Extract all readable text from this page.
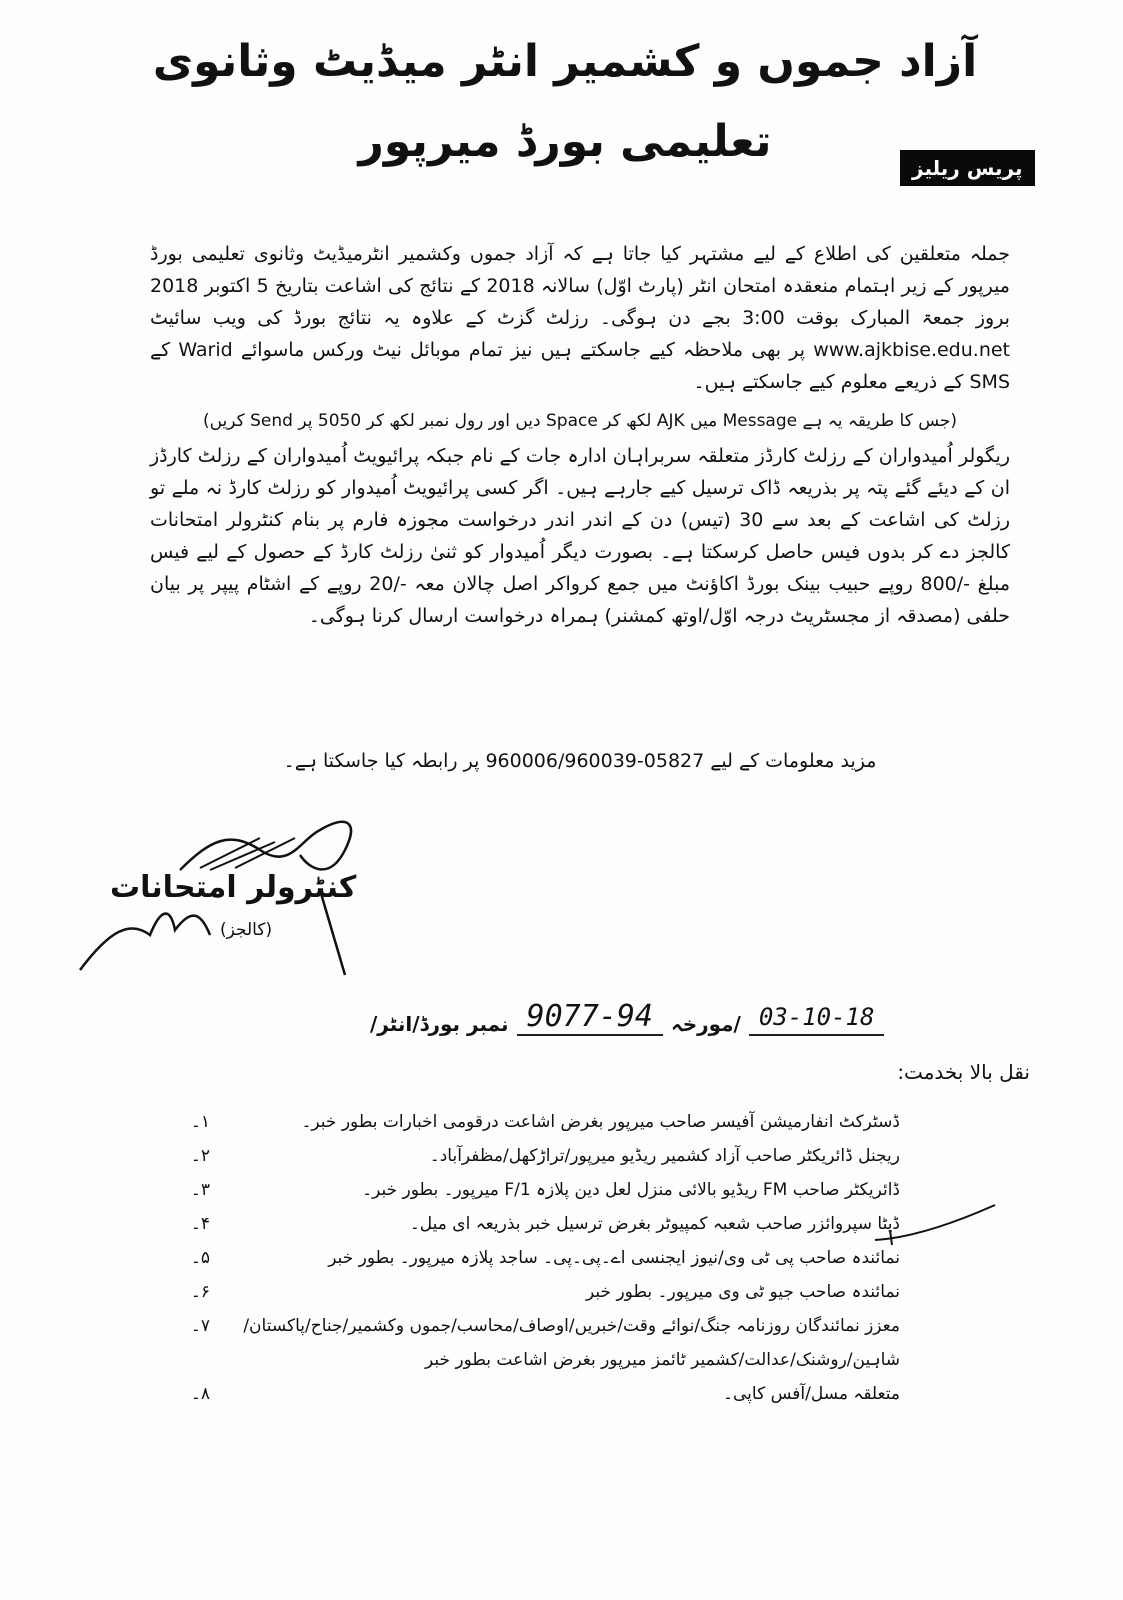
آزاد جموں و کشمیر انٹر میڈیٹ وثانوی تعلیمی بورڈ میرپور
پریس ریلیز
جملہ متعلقین کی اطلاع کے لیے مشتہر کیا جاتا ہے کہ آزاد جموں وکشمیر انٹرمیڈیٹ وثانوی تعلیمی بورڈ میرپور کے زیر اہتمام منعقدہ امتحان انٹر (پارٹ اوّل) سالانہ 2018 کے نتائج کی اشاعت بتاریخ 5 اکتوبر 2018 بروز جمعۃ المبارک بوقت 3:00 بجے دن ہوگی۔ رزلٹ گزٹ کے علاوہ یہ نتائج بورڈ کی ویب سائیٹ www.ajkbise.edu.net پر بھی ملاحظہ کیے جاسکتے ہیں نیز تمام موبائل نیٹ ورکس ماسوائے Warid کے SMS کے ذریعے معلوم کیے جاسکتے ہیں۔
(جس کا طریقہ یہ ہے Message میں AJK لکھ کر Space دیں اور رول نمبر لکھ کر 5050 پر Send کریں)
ریگولر اُمیدواران کے رزلٹ کارڈز متعلقہ سربراہان ادارہ جات کے نام جبکہ پرائیویٹ اُمیدواران کے رزلٹ کارڈز ان کے دیئے گئے پتہ پر بذریعہ ڈاک ترسیل کیے جارہے ہیں۔ اگر کسی پرائیویٹ اُمیدوار کو رزلٹ کارڈ نہ ملے تو رزلٹ کی اشاعت کے بعد سے 30 (تیس) دن کے اندر اندر درخواست مجوزہ فارم پر بنام کنٹرولر امتحانات کالجز دے کر بدوں فیس حاصل کرسکتا ہے۔ بصورت دیگر اُمیدوار کو ثنیٰ رزلٹ کارڈ کے حصول کے لیے فیس مبلغ -/800 روپے حبیب بینک بورڈ اکاؤنٹ میں جمع کرواکر اصل چالان معہ -/20 روپے کے اشٹام پیپر پر بیان حلفی (مصدقہ از مجسٹریٹ درجہ اوّل/اوتھ کمشنر) ہمراہ درخواست ارسال کرنا ہوگی۔
مزید معلومات کے لیے 05827-960006/960039 پر رابطہ کیا جاسکتا ہے۔
کنٹرولر امتحانات
(کالجز)
نمبر بورڈ/انٹر/ 9077-94 /مورخہ 03-10-18
نقل بالا بخدمت:
۱۔	ڈسٹرکٹ انفارمیشن آفیسر صاحب میرپور بغرض اشاعت درقومی اخبارات بطور خبر۔
۲۔	ریجنل ڈائریکٹر صاحب آزاد کشمیر ریڈیو میرپور/تراڑکھل/مظفرآباد۔
۳۔	ڈائریکٹر صاحب FM ریڈیو بالائی منزل لعل دین پلازہ F/1 میرپور۔ بطور خبر۔
۴۔	ڈیٹا سپروائزر صاحب شعبہ کمپیوٹر بغرض ترسیل خبر بذریعہ ای میل۔
۵۔	نمائندہ صاحب پی ٹی وی/نیوز ایجنسی اے۔پی۔پی۔ ساجد پلازہ میرپور۔ بطور خبر
۶۔	نمائندہ صاحب جیو ٹی وی میرپور۔ بطور خبر
۷۔	معزز نمائندگان روزنامہ جنگ/نوائے وقت/خبریں/اوصاف/محاسب/جموں وکشمیر/جناح/پاکستان/شاہین/روشنک/عدالت/کشمیر ٹائمز میرپور بغرض اشاعت بطور خبر
۸۔	متعلقہ مسل/آفس کاپی۔
